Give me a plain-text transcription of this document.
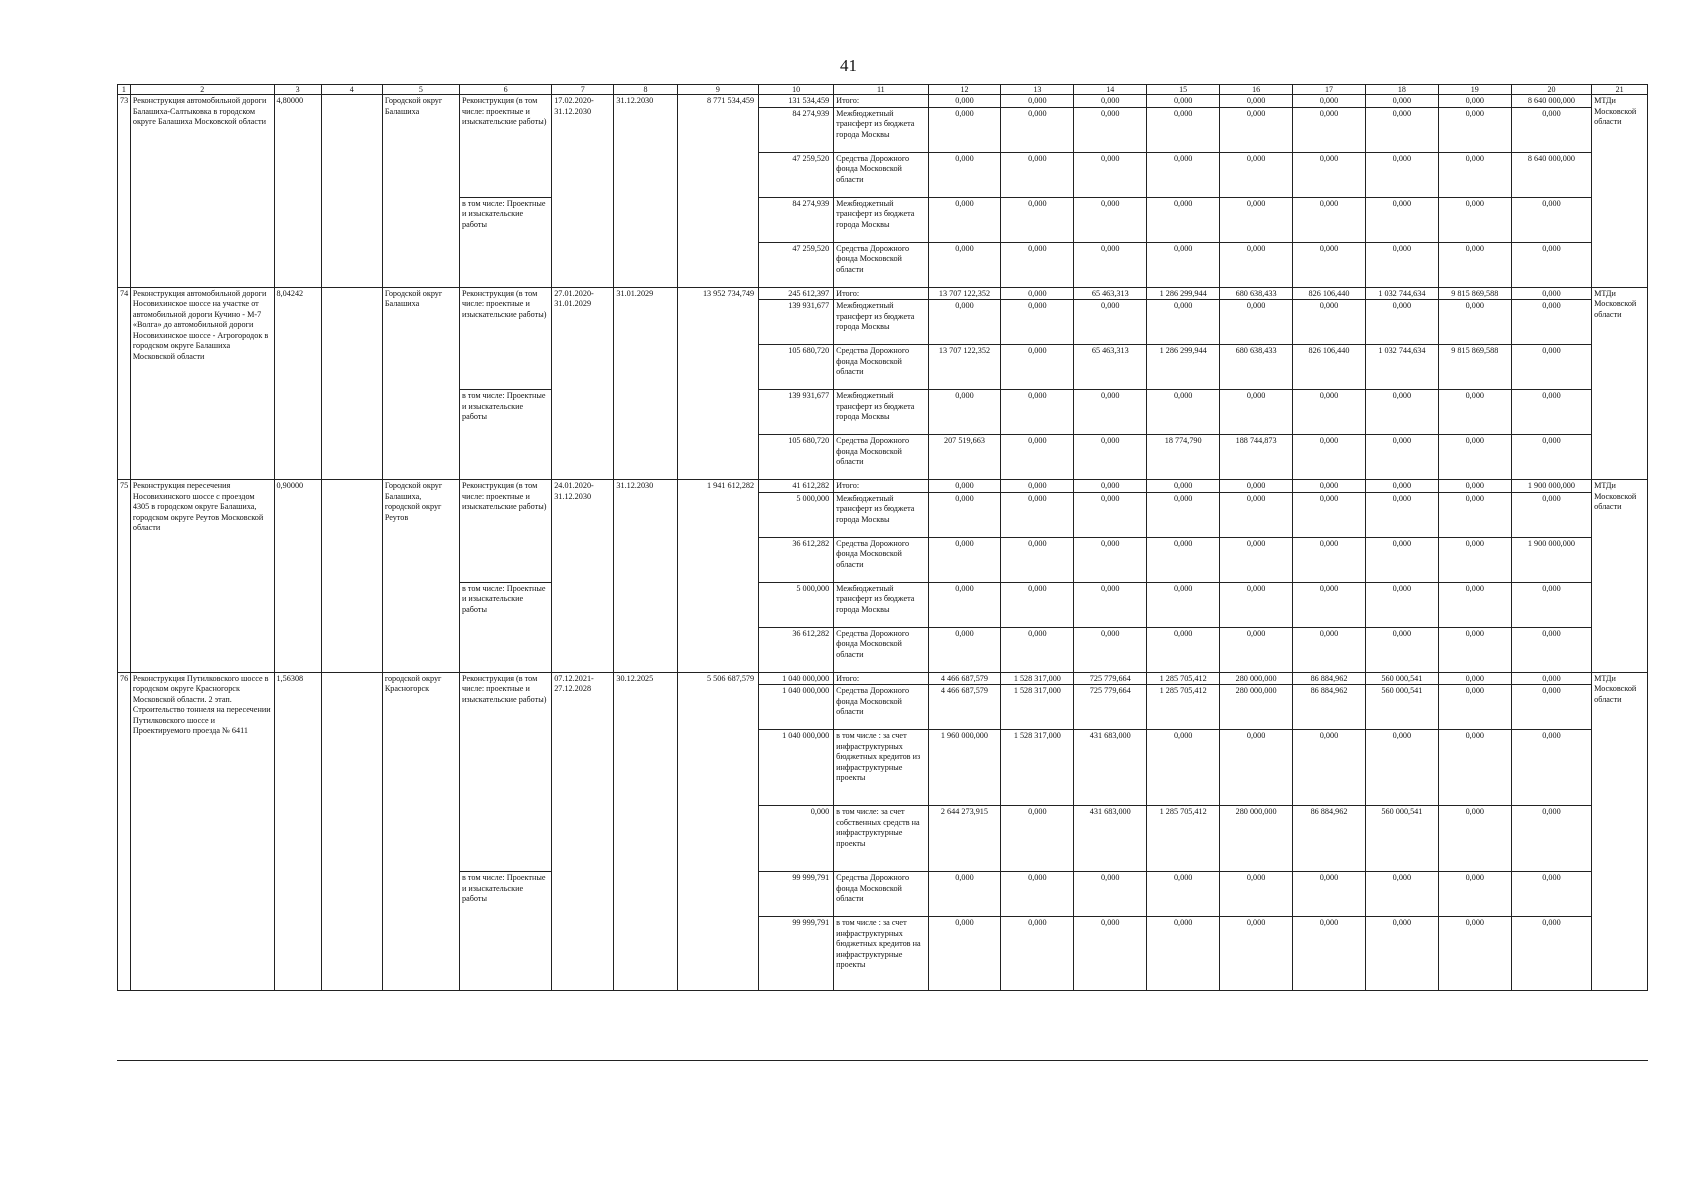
41
1	2	3	4	5	6	7	8	9	10	11	12	13	14	15	16	17	18	19	20	21
73	Реконструкция автомобильной дороги Балашиха-Салтыковка в городском округе Балашиха Московской области	4,80000		Городской округ Балашиха	Реконструкция (в том числе: проектные и изыскательские работы)	17.02.2020- 31.12.2030	31.12.2030	8 771 534,459	131 534,459	Итого:	0,000	0,000	0,000	0,000	0,000	0,000	0,000	0,000	8 640 000,000	МТДи Московской области
									84 274,939	Межбюджетный трансферт из бюджета города Москвы	0,000	0,000	0,000	0,000	0,000	0,000	0,000	0,000	0,000	
									47 259,520	Средства Дорожного фонда Московской области	0,000	0,000	0,000	0,000	0,000	0,000	0,000	0,000	8 640 000,000	
					в том числе: Проектные и изыскательские работы				84 274,939	Межбюджетный трансферт из бюджета города Москвы	0,000	0,000	0,000	0,000	0,000	0,000	0,000	0,000	0,000	
									47 259,520	Средства Дорожного фонда Московской области	0,000	0,000	0,000	0,000	0,000	0,000	0,000	0,000	0,000	
74	Реконструкция автомобильной дороги Носовихинское шоссе на участке от автомобильной дороги Кучино - М-7 «Волга» до автомобильной дороги Носовихинское шоссе - Агрогородок в городском округе Балашиха Московской области	8,04242		Городской округ Балашиха	Реконструкция (в том числе: проектные и изыскательские работы)	27.01.2020- 31.01.2029	31.01.2029	13 952 734,749	245 612,397	Итого:	13 707 122,352	0,000	65 463,313	1 286 299,944	680 638,433	826 106,440	1 032 744,634	9 815 869,588	0,000	МТДи Московской области
									139 931,677	Межбюджетный трансферт из бюджета города Москвы	0,000	0,000	0,000	0,000	0,000	0,000	0,000	0,000	0,000	
									105 680,720	Средства Дорожного фонда Московской области	13 707 122,352	0,000	65 463,313	1 286 299,944	680 638,433	826 106,440	1 032 744,634	9 815 869,588	0,000	
					в том числе: Проектные и изыскательские работы				139 931,677	Межбюджетный трансферт из бюджета города Москвы	0,000	0,000	0,000	0,000	0,000	0,000	0,000	0,000	0,000	
									105 680,720	Средства Дорожного фонда Московской области	207 519,663	0,000	0,000	18 774,790	188 744,873	0,000	0,000	0,000	0,000	
75	Реконструкция пересечения Носовихинского шоссе с проездом 4305 в городском округе Балашиха, городском округе Реутов Московской области	0,90000		Городской округ Балашиха, городской округ Реутов	Реконструкция (в том числе: проектные и изыскательские работы)	24.01.2020- 31.12.2030	31.12.2030	1 941 612,282	41 612,282	Итого:	0,000	0,000	0,000	0,000	0,000	0,000	0,000	0,000	1 900 000,000	МТДи Московской области
									5 000,000	Межбюджетный трансферт из бюджета города Москвы	0,000	0,000	0,000	0,000	0,000	0,000	0,000	0,000	0,000	
									36 612,282	Средства Дорожного фонда Московской области	0,000	0,000	0,000	0,000	0,000	0,000	0,000	0,000	1 900 000,000	
					в том числе: Проектные и изыскательские работы				5 000,000	Межбюджетный трансферт из бюджета города Москвы	0,000	0,000	0,000	0,000	0,000	0,000	0,000	0,000	0,000	
									36 612,282	Средства Дорожного фонда Московской области	0,000	0,000	0,000	0,000	0,000	0,000	0,000	0,000	0,000	
76	Реконструкция Путилковского шоссе в городском округе Красногорск Московской области. 2 этап. Строительство тоннеля на пересечении Путилковского шоссе и Проектируемого проезда № 6411	1,56308		городской округ Красногорск	Реконструкция (в том числе: проектные и изыскательские работы)	07.12.2021- 27.12.2028	30.12.2025	5 506 687,579	1 040 000,000	Итого:	4 466 687,579	1 528 317,000	725 779,664	1 285 705,412	280 000,000	86 884,962	560 000,541	0,000	0,000	МТДи Московской области
									1 040 000,000	Средства Дорожного фонда Московской области	4 466 687,579	1 528 317,000	725 779,664	1 285 705,412	280 000,000	86 884,962	560 000,541	0,000	0,000	
									1 040 000,000	в том числе : за счет инфраструктурных бюджетных кредитов из инфраструктурные проекты	1 960 000,000	1 528 317,000	431 683,000	0,000	0,000	0,000	0,000	0,000	0,000	
									0,000	в том числе: за счет собственных средств на инфраструктурные проекты	2 644 273,915	0,000	431 683,000	1 285 705,412	280 000,000	86 884,962	560 000,541	0,000	0,000	
					в том числе: Проектные и изыскательские работы				99 999,791	Средства Дорожного фонда Московской области	0,000	0,000	0,000	0,000	0,000	0,000	0,000	0,000	0,000	
									99 999,791	в том числе : за счет инфраструктурных бюджетных кредитов на инфраструктурные проекты	0,000	0,000	0,000	0,000	0,000	0,000	0,000	0,000	0,000	
